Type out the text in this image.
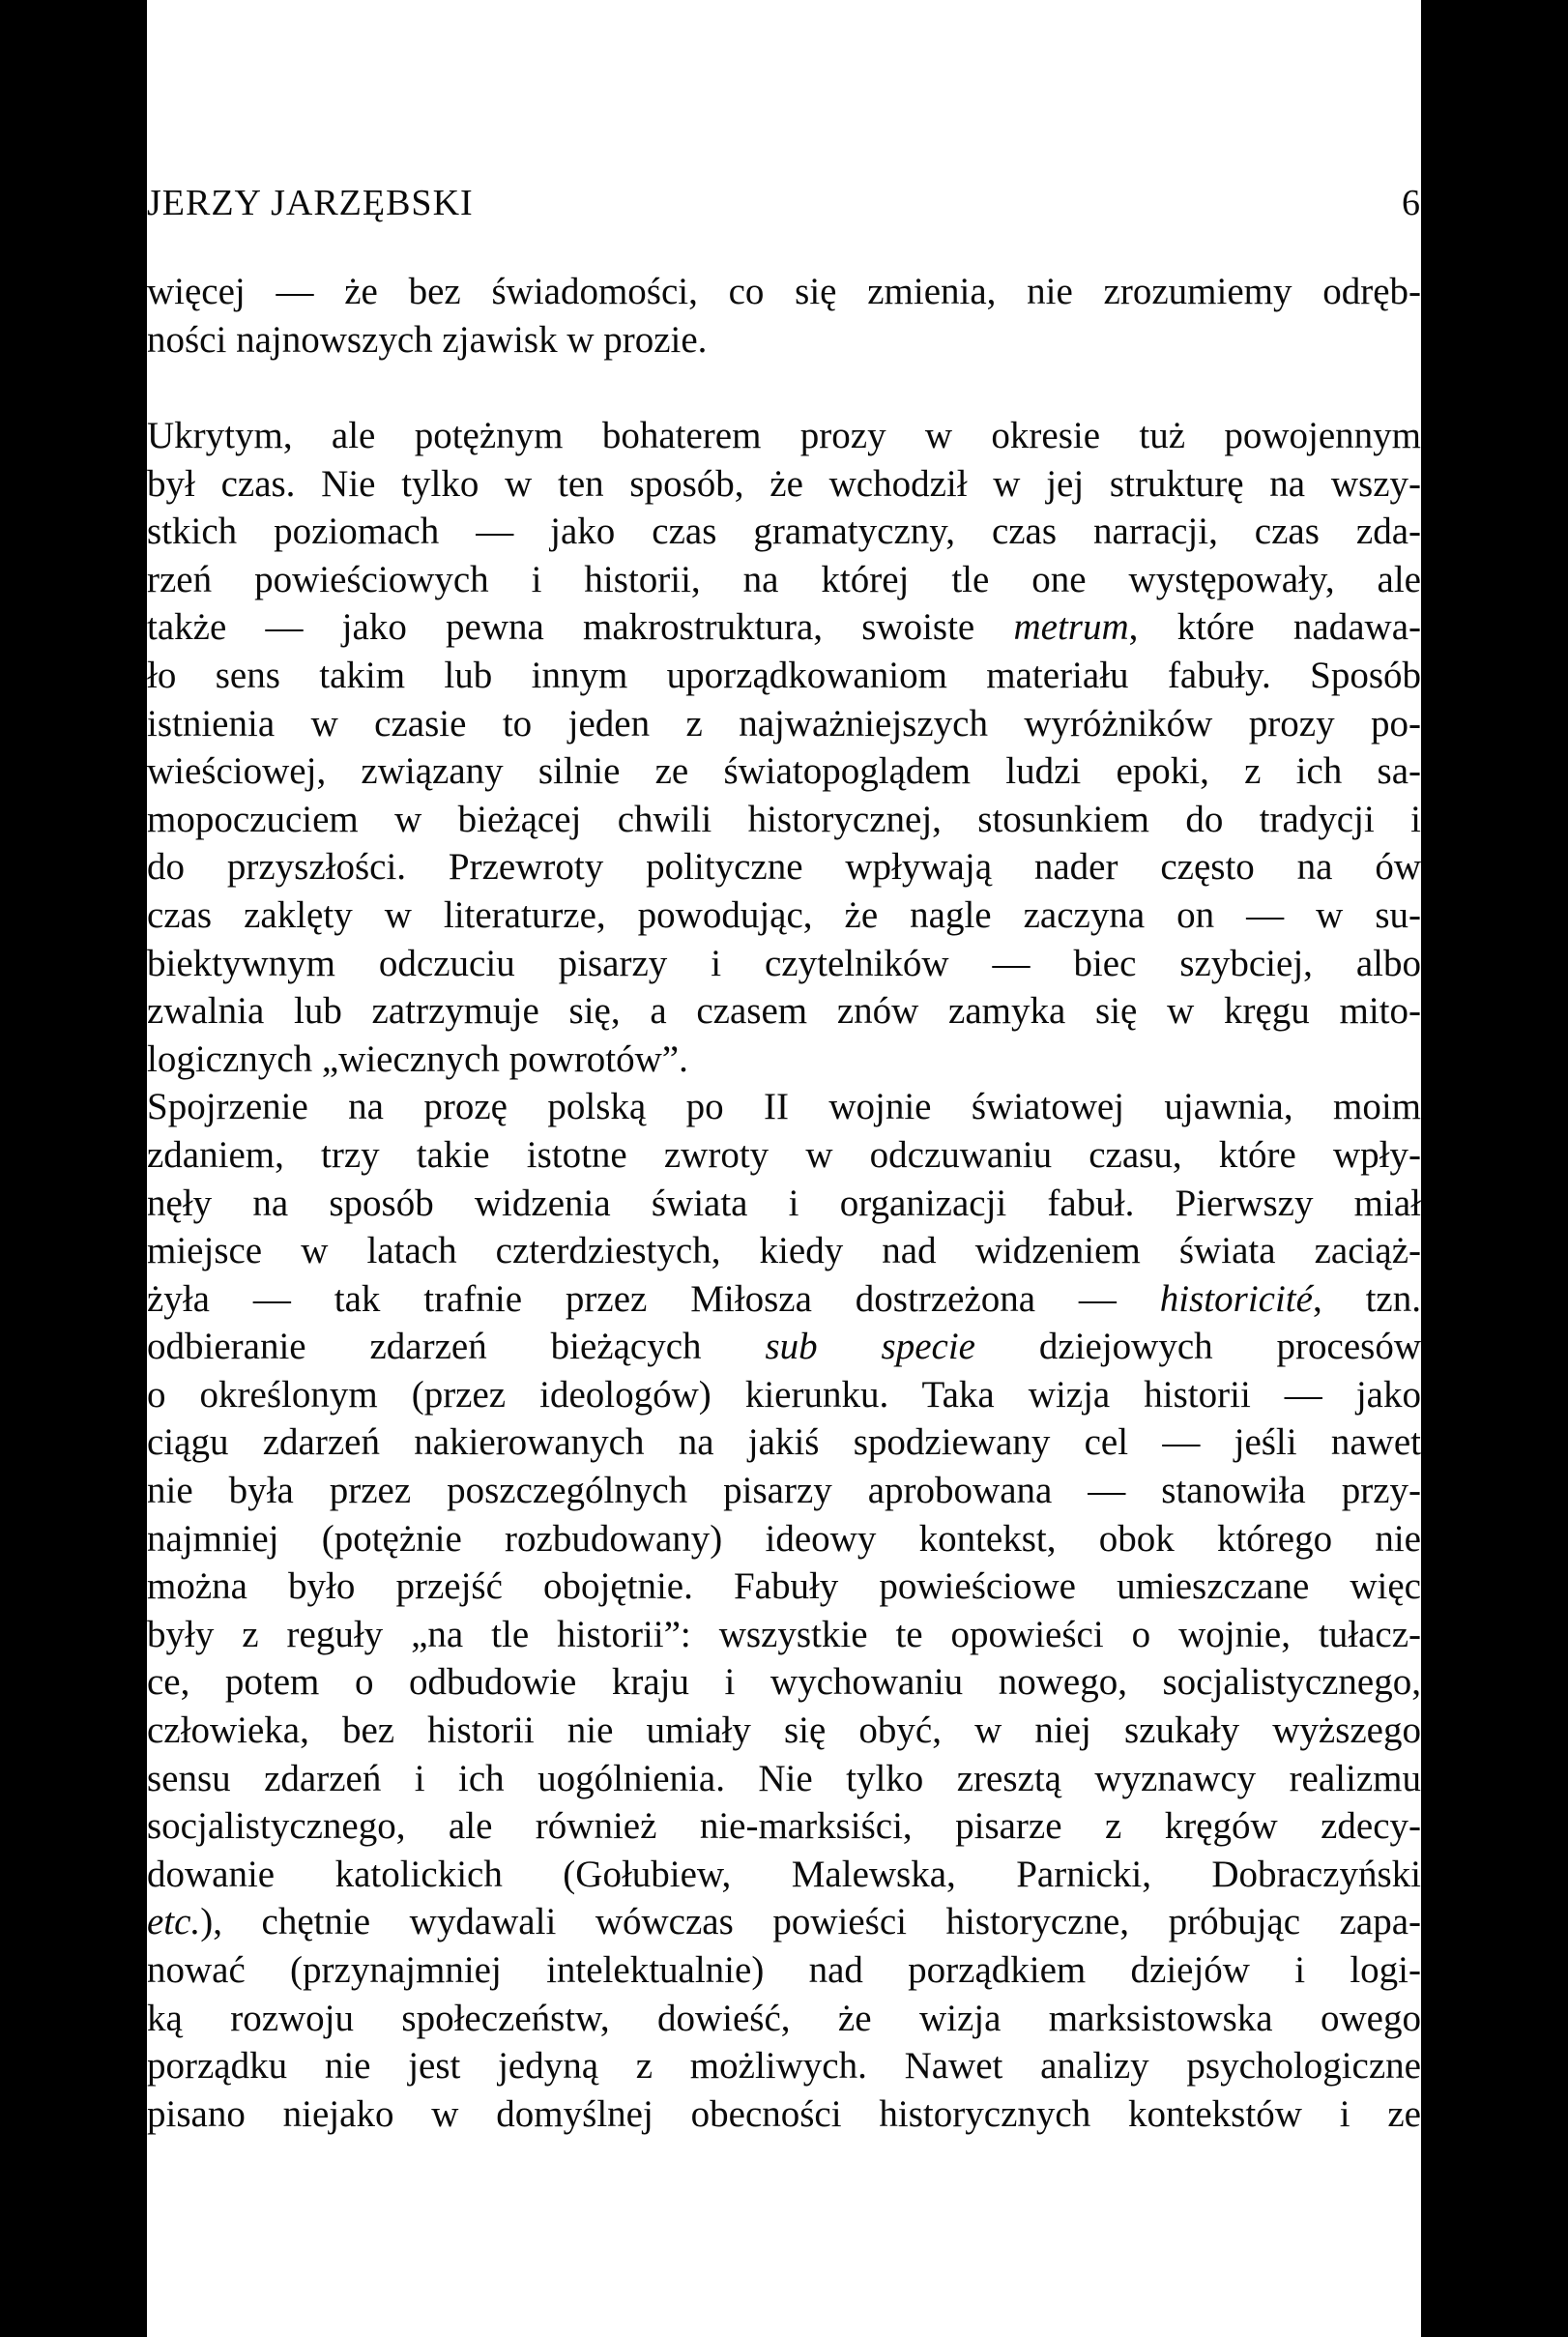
JERZY JARZĘBSKI	6
więcej — że bez świadomości, co się zmienia, nie zrozumiemy odręb-
ności najnowszych zjawisk w prozie.
Ukrytym, ale potężnym bohaterem prozy w okresie tuż powojennym
był czas. Nie tylko w ten sposób, że wchodził w jej strukturę na wszy-
stkich poziomach — jako czas gramatyczny, czas narracji, czas zda-
rzeń powieściowych i historii, na której tle one występowały, ale
także — jako pewna makrostruktura, swoiste metrum, które nadawa-
ło sens takim lub innym uporządkowaniom materiału fabuły. Sposób
istnienia w czasie to jeden z najważniejszych wyróżników prozy po-
wieściowej, związany silnie ze światopoglądem ludzi epoki, z ich sa-
mopoczuciem w bieżącej chwili historycznej, stosunkiem do tradycji i
do przyszłości. Przewroty polityczne wpływają nader często na ów
czas zaklęty w literaturze, powodując, że nagle zaczyna on — w su-
biektywnym odczuciu pisarzy i czytelników — biec szybciej, albo
zwalnia lub zatrzymuje się, a czasem znów zamyka się w kręgu mito-
logicznych „wiecznych powrotów”.
Spojrzenie na prozę polską po II wojnie światowej ujawnia, moim
zdaniem, trzy takie istotne zwroty w odczuwaniu czasu, które wpły-
nęły na sposób widzenia świata i organizacji fabuł. Pierwszy miał
miejsce w latach czterdziestych, kiedy nad widzeniem świata zaciąż-
żyła — tak trafnie przez Miłosza dostrzeżona — historicité, tzn.
odbieranie zdarzeń bieżących sub specie dziejowych procesów
o określonym (przez ideologów) kierunku. Taka wizja historii — jako
ciągu zdarzeń nakierowanych na jakiś spodziewany cel — jeśli nawet
nie była przez poszczególnych pisarzy aprobowana — stanowiła przy-
najmniej (potężnie rozbudowany) ideowy kontekst, obok którego nie
można było przejść obojętnie. Fabuły powieściowe umieszczane więc
były z reguły „na tle historii”: wszystkie te opowieści o wojnie, tułacz-
ce, potem o odbudowie kraju i wychowaniu nowego, socjalistycznego,
człowieka, bez historii nie umiały się obyć, w niej szukały wyższego
sensu zdarzeń i ich uogólnienia. Nie tylko zresztą wyznawcy realizmu
socjalistycznego, ale również nie-marksiści, pisarze z kręgów zdecy-
dowanie katolickich (Gołubiew, Malewska, Parnicki, Dobraczyński
etc.), chętnie wydawali wówczas powieści historyczne, próbując zapa-
nować (przynajmniej intelektualnie) nad porządkiem dziejów i logi-
ką rozwoju społeczeństw, dowieść, że wizja marksistowska owego
porządku nie jest jedyną z możliwych. Nawet analizy psychologiczne
pisano niejako w domyślnej obecności historycznych kontekstów i ze
